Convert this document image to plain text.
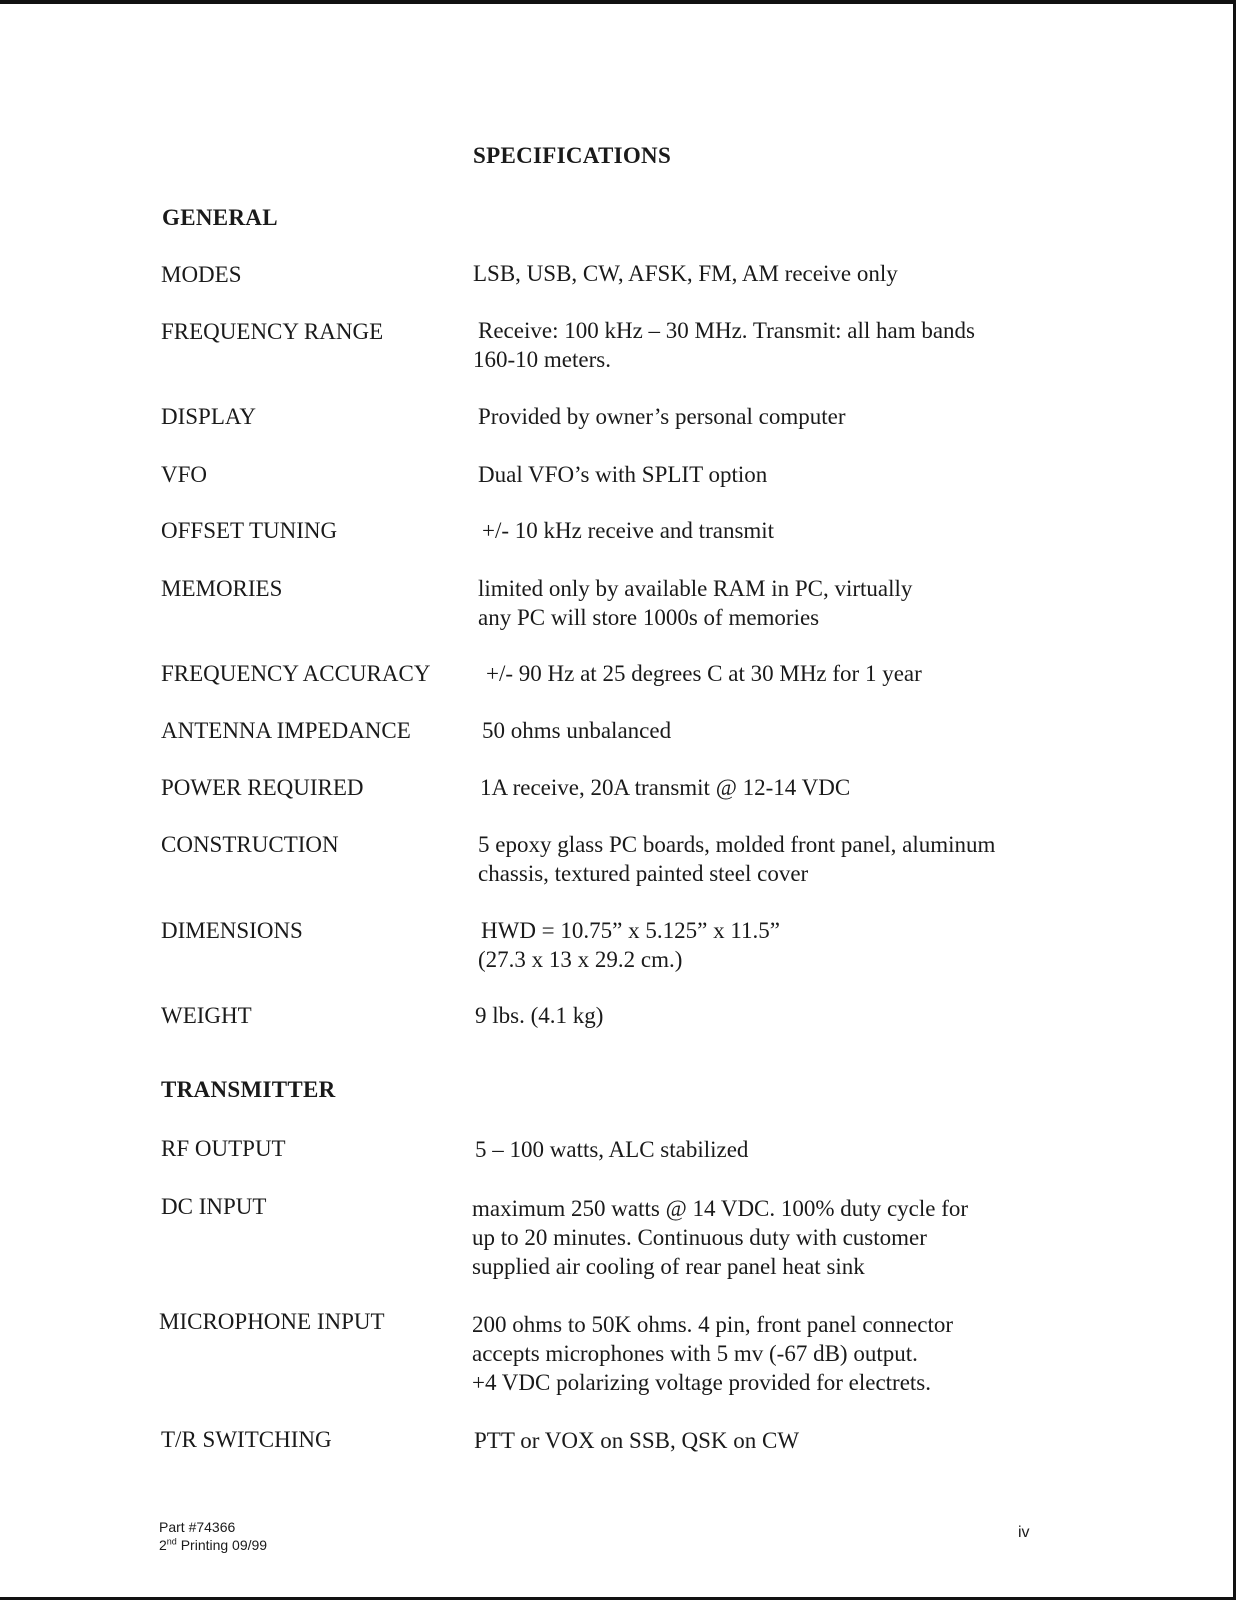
SPECIFICATIONS
GENERAL
MODES	LSB, USB, CW, AFSK, FM, AM receive only
FREQUENCY RANGE	Receive: 100 kHz – 30 MHz. Transmit: all ham bands
160-10 meters.
DISPLAY	Provided by owner’s personal computer
VFO	Dual VFO’s with SPLIT option
OFFSET TUNING	+/- 10 kHz receive and transmit
MEMORIES	limited only by available RAM in PC, virtually
any PC will store 1000s of memories
FREQUENCY ACCURACY +/- 90 Hz at 25 degrees C at 30 MHz for 1 year
ANTENNA IMPEDANCE	50 ohms unbalanced
POWER REQUIRED	1A receive, 20A transmit @ 12-14 VDC
CONSTRUCTION	5 epoxy glass PC boards, molded front panel, aluminum
chassis, textured painted steel cover
DIMENSIONS	HWD = 10.75” x 5.125” x 11.5”
(27.3 x 13 x 29.2 cm.)
WEIGHT	9 lbs. (4.1 kg)
TRANSMITTER
RF OUTPUT	5 – 100 watts, ALC stabilized
DC INPUT	maximum 250 watts @ 14 VDC. 100% duty cycle for
up to 20 minutes. Continuous duty with customer
supplied air cooling of rear panel heat sink
MICROPHONE INPUT	200 ohms to 50K ohms. 4 pin, front panel connector
accepts microphones with 5 mv (-67 dB) output.
+4 VDC polarizing voltage provided for electrets.
T/R SWITCHING	PTT or VOX on SSB, QSK on CW
Part #74366
2nd Printing 09/99
iv
